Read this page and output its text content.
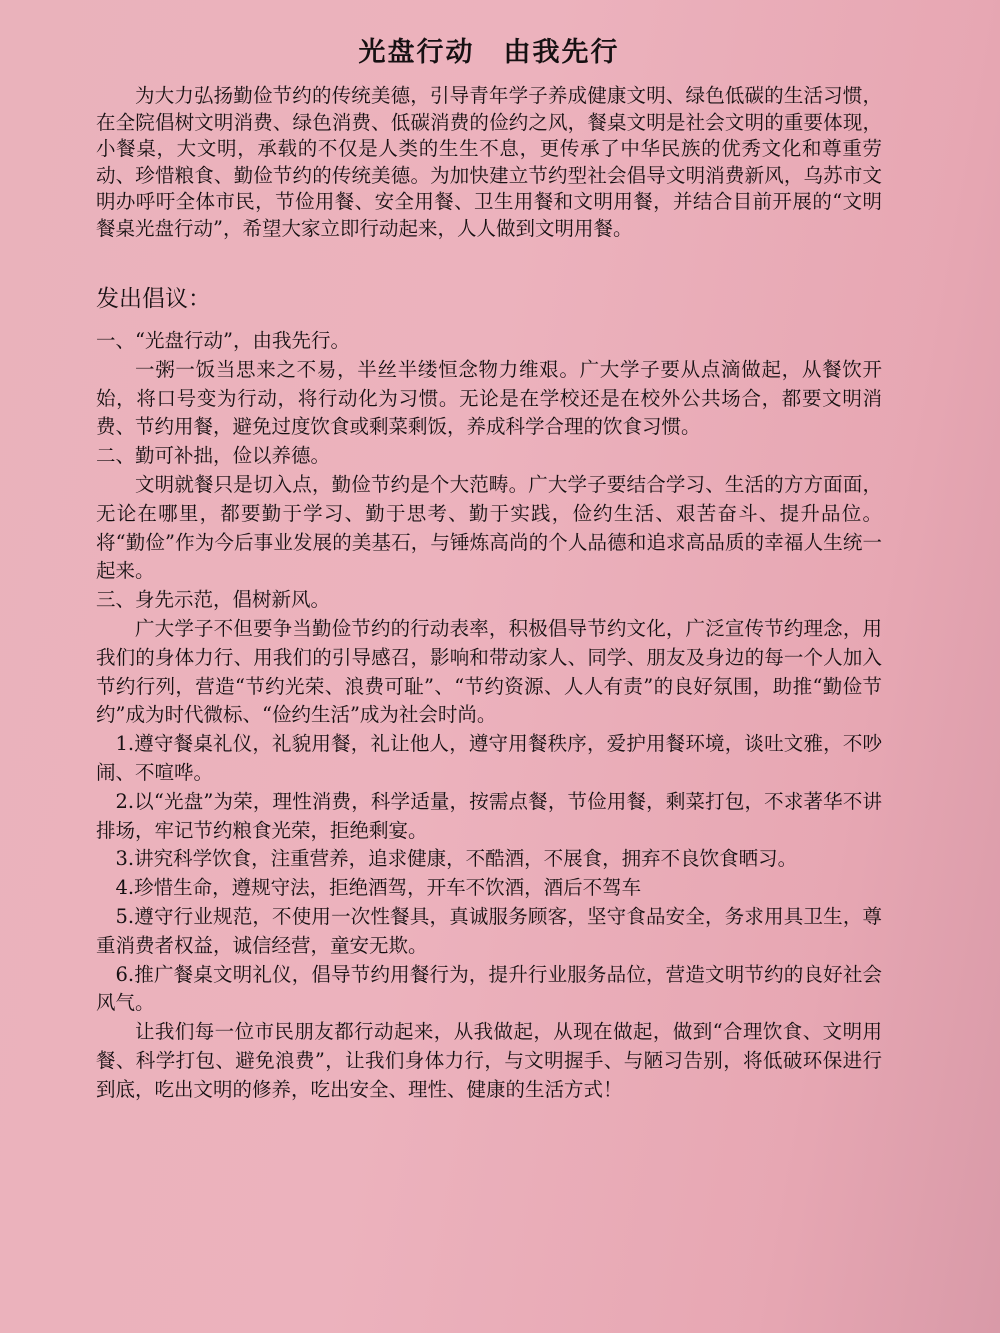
光盘行动　由我先行

为大力弘扬勤俭节约的传统美德，引导青年学子养成健康文明、绿色低碳的生活习惯，在全院倡树文明消费、绿色消费、低碳消费的俭约之风，餐桌文明是社会文明的重要体现，小餐桌，大文明，承载的不仅是人类的生生不息，更传承了中华民族的优秀文化和尊重劳动、珍惜粮食、勤俭节约的传统美德。为加快建立节约型社会倡导文明消费新风，乌苏市文明办呼吁全体市民，节俭用餐、安全用餐、卫生用餐和文明用餐，并结合目前开展的“文明餐桌光盘行动”，希望大家立即行动起来，人人做到文明用餐。

发出倡议：

一、“光盘行动”，由我先行。

一粥一饭当思来之不易，半丝半缕恒念物力维艰。广大学子要从点滴做起，从餐饮开始，将口号变为行动，将行动化为习惯。无论是在学校还是在校外公共场合，都要文明消费、节约用餐，避免过度饮食或剩菜剩饭，养成科学合理的饮食习惯。

二、勤可补拙，俭以养德。

文明就餐只是切入点，勤俭节约是个大范畴。广大学子要结合学习、生活的方方面面，无论在哪里，都要勤于学习、勤于思考、勤于实践，俭约生活、艰苦奋斗、提升品位。将“勤俭”作为今后事业发展的美基石，与锤炼高尚的个人品德和追求高品质的幸福人生统一起来。

三、身先示范，倡树新风。

广大学子不但要争当勤俭节约的行动表率，积极倡导节约文化，广泛宣传节约理念，用我们的身体力行、用我们的引导感召，影响和带动家人、同学、朋友及身边的每一个人加入节约行列，营造“节约光荣、浪费可耻”、“节约资源、人人有责”的良好氛围，助推“勤俭节约”成为时代微标、“俭约生活”成为社会时尚。

1.遵守餐桌礼仪，礼貌用餐，礼让他人，遵守用餐秩序，爱护用餐环境，谈吐文雅，不吵闹、不喧哗。

2.以“光盘”为荣，理性消费，科学适量，按需点餐，节俭用餐，剩菜打包，不求著华不讲排场，牢记节约粮食光荣，拒绝剩宴。

3.讲究科学饮食，注重营养，追求健康，不酷酒，不展食，拥弃不良饮食晒习。

4.珍惜生命，遵规守法，拒绝酒驾，开车不饮酒，酒后不驾车

5.遵守行业规范，不使用一次性餐具，真诚服务顾客，坚守食品安全，务求用具卫生，尊重消费者权益，诚信经营，童安无欺。

6.推广餐桌文明礼仪，倡导节约用餐行为，提升行业服务品位，营造文明节约的良好社会风气。

让我们每一位市民朋友都行动起来，从我做起，从现在做起，做到“合理饮食、文明用餐、科学打包、避免浪费”，让我们身体力行，与文明握手、与陋习告别，将低破环保进行到底，吃出文明的修养，吃出安全、理性、健康的生活方式！
